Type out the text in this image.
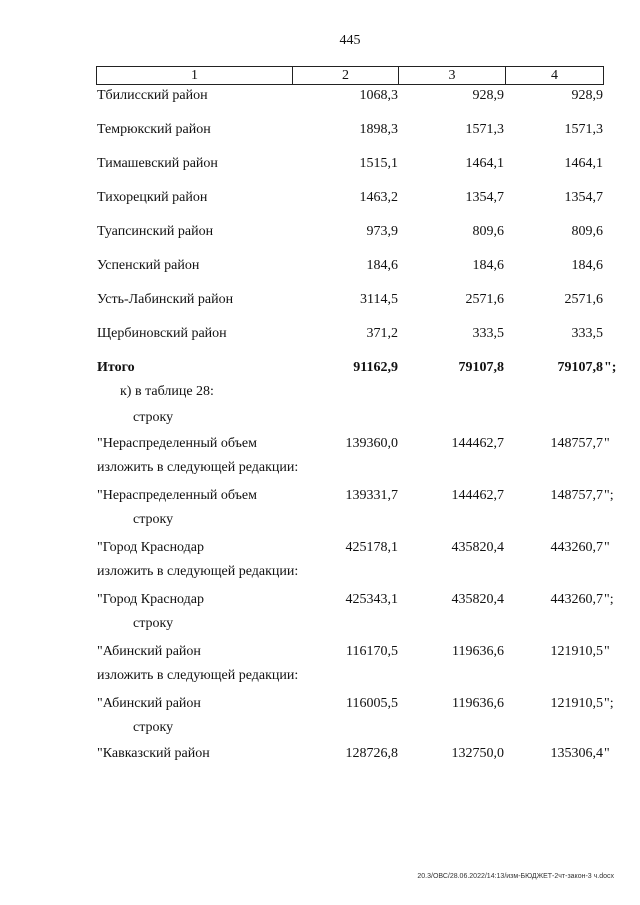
445
1	2	3	4
Тбилисский район	1068,3	928,9	928,9
Темрюкский район	1898,3	1571,3	1571,3
Тимашевский район	1515,1	1464,1	1464,1
Тихорецкий район	1463,2	1354,7	1354,7
Туапсинский район	973,9	809,6	809,6
Успенский район	184,6	184,6	184,6
Усть-Лабинский район	3114,5	2571,6	2571,6
Щербиновский район	371,2	333,5	333,5
Итого	91162,9	79107,8	79107,8 ";
к) в таблице 28:
строку
"Нераспределенный объем	139360,0	144462,7	148757,7 "
изложить в следующей редакции:
"Нераспределенный объем	139331,7	144462,7	148757,7 ";
строку
"Город Краснодар	425178,1	435820,4	443260,7 "
изложить в следующей редакции:
"Город Краснодар	425343,1	435820,4	443260,7 ";
строку
"Абинский район	116170,5	119636,6	121910,5 "
изложить в следующей редакции:
"Абинский район	116005,5	119636,6	121910,5 ";
строку
"Кавказский район	128726,8	132750,0	135306,4 "
20.3/ОВС/28.06.2022/14:13/изм-БЮДЖЕТ-2чт-закон-3 ч.docx
